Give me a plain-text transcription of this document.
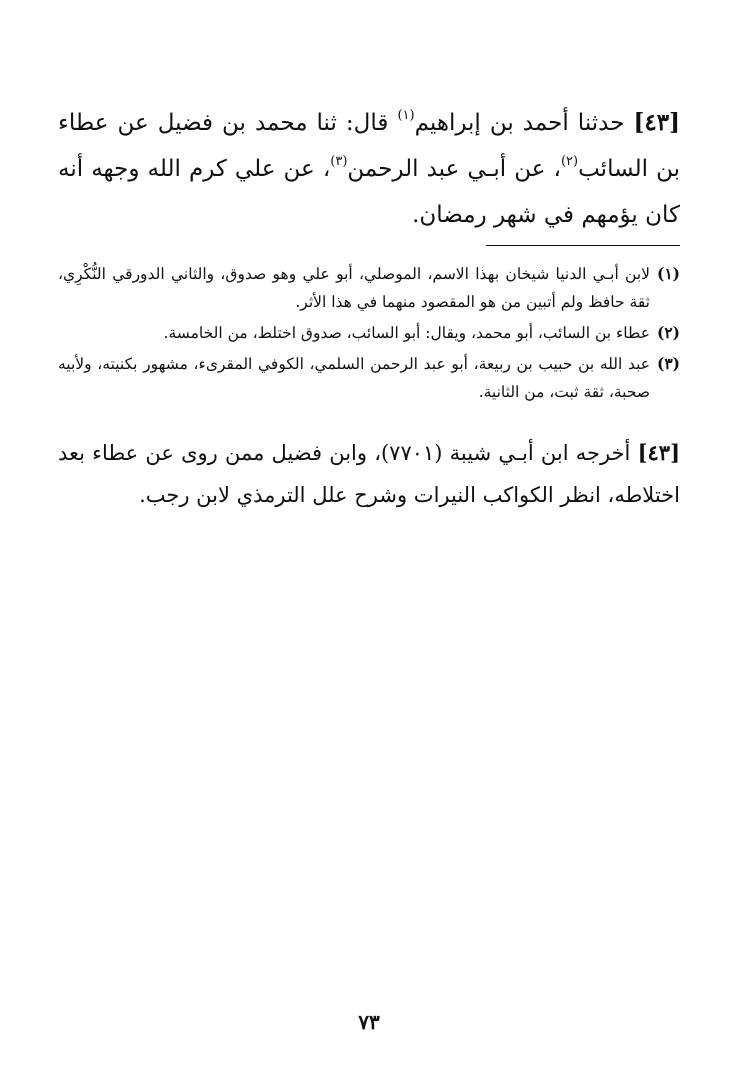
[٤٣] حدثنا أحمد بن إبراهيم$^{(١)}$ قال: ثنا محمد بن فضيل عن عطاء بن السائب$^{(٢)}$، عن أبـي عبد الرحمن$^{(٣)}$، عن علي كرم الله وجهه أنه كان يؤمهم في شهر رمضان.
(١)
لابن أبـي الدنيا شيخان بهذا الاسم، الموصلي، أبو علي وهو صدوق، والثاني الدورقي النُّكْرِي، ثقة حافظ ولم أتبين من هو المقصود منهما في هذا الأثر.
(٢)
عطاء بن السائب، أبو محمد، ويقال: أبو السائب، صدوق اختلط، من الخامسة.
(٣)
عبد الله بن حبيب بن ربيعة، أبو عبد الرحمن السلمي، الكوفي المقرىء، مشهور بكنيته، ولأبيه صحبة، ثقة ثبت، من الثانية.
[٤٣] أخرجه ابن أبـي شيبة (٧٧٠١)، وابن فضيل ممن روى عن عطاء بعد اختلاطه، انظر الكواكب النيرات وشرح علل الترمذي لابن رجب.
٧٣
